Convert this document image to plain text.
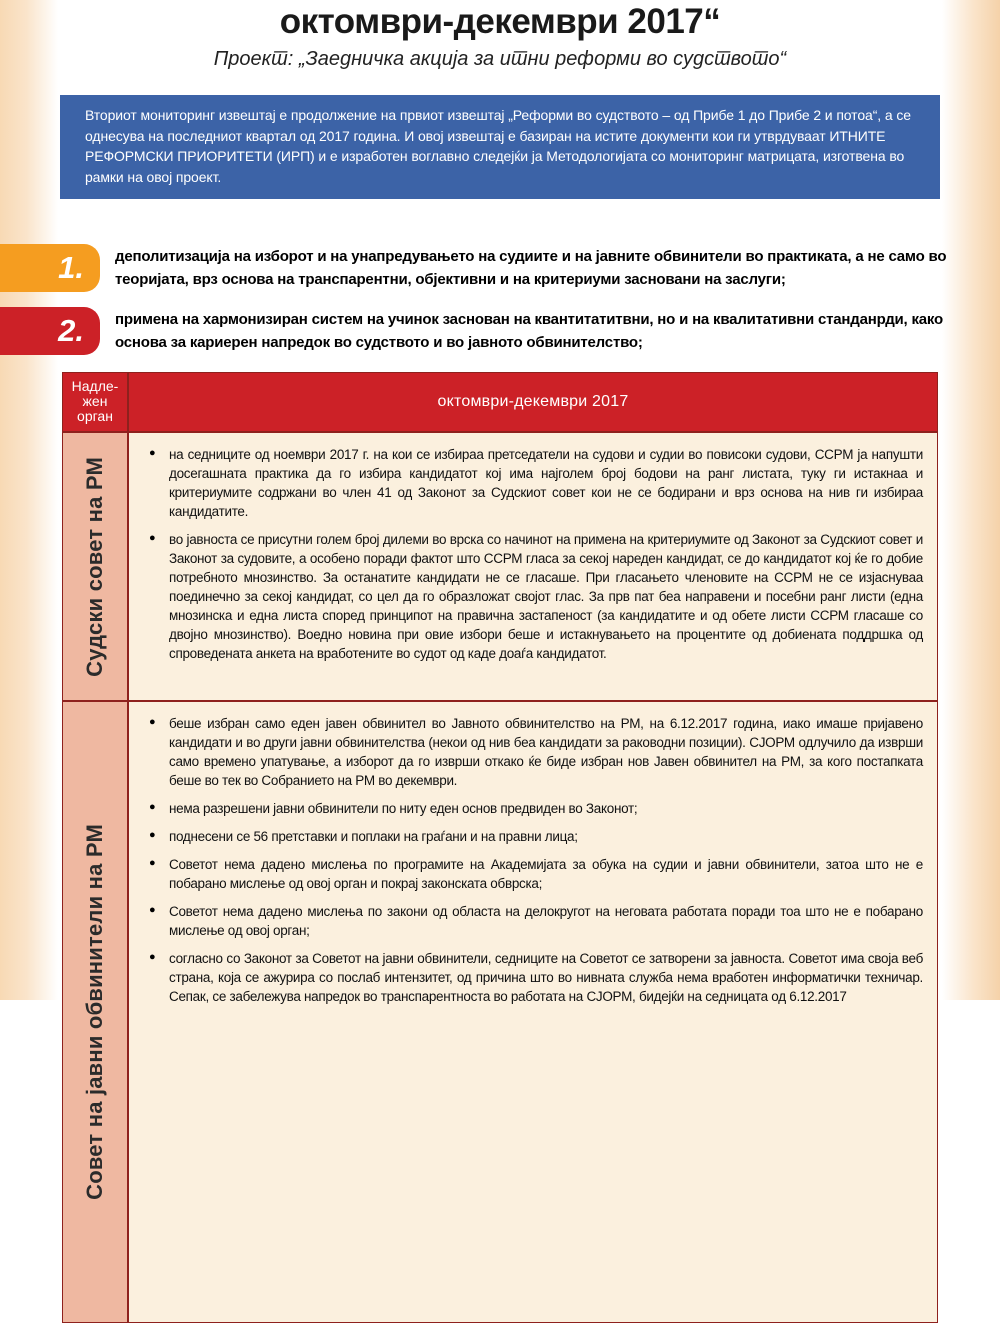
октомври-декември 2017“
Проект: „Заедничка акција за итни реформи во судството“
Вториот мониторинг извештај е продолжение на првиот извештај „Реформи во судството – од Прибе 1 до Прибе 2 и потоа“, а се однесува на последниот квартал од 2017 година. И овој извештај е базиран на истите документи кои ги утврдуваат ИТНИТЕ РЕФОРМСКИ ПРИОРИТЕТИ (ИРП) и е изработен воглавно следејќи ја Методологијата со мониторинг матрицата, изготвена во рамки на овој проект.
1.	деполитизација на изборот и на унапредувањето на судиите и на јавните обвинители во практиката, а не само во теоријата, врз основа на транспарентни, објективни и на критериуми засновани на заслуги;
2.	примена на хармонизиран систем на учинок заснован на квантитатитвни, но и на квалитативни станданрди, како основа за кариерен напредок во судството и во јавното обвинителство;
Надле-жен орган
октомври-декември 2017
Судски совет на РМ
● на седниците од ноември 2017 г. на кои се избираа претседатели на судови и судии во повисоки судови, ССРМ ја напушти досегашната практика да го избира кандидатот кој има најголем број бодови на ранг листата, туку ги истакнаа и критериумите содржани во член 41 од Законот за Судскиот совет кои не се бодирани и врз основа на нив ги избираа кандидатите.
● во јавноста се присутни голем број дилеми во врска со начинот на примена на критериумите од Законот за Судскиот совет и Законот за судовите, а особено поради фактот што ССРМ гласа за секој нареден кандидат, се до кандидатот кој ќе го добие потребното мнозинство. За останатите кандидати не се гласаше. При гласањето членовите на ССРМ не се изјаснуваа поединечно за секој кандидат, со цел да го образложат својот глас. За прв пат беа направени и посебни ранг листи (една мнозинска и една листа според принципот на правична застапеност (за кандидатите и од обете листи ССРМ гласаше со двојно мнозинство). Воедно новина при овие избори беше и истакнувањето на процентите од добиената поддршка од спроведената анкета на вработените во судот од каде доаѓа кандидатот.
Совет на јавни обвинители на РМ
● беше избран само еден јавен обвинител во Јавното обвинителство на РМ, на 6.12.2017 година, иако имаше пријавено кандидати и во други јавни обвинителства (некои од нив беа кандидати за раководни позиции). СЈОРМ одлучило да изврши само времено упатување, а изборот да го изврши откако ќе биде избран нов Јавен обвинител на РМ, за кого постапката беше во тек во Собранието на РМ во декември.
● нема разрешени јавни обвинители по ниту еден основ предвиден во Законот;
● поднесени се 56 претставки и поплаки на граѓани и на правни лица;
● Советот нема дадено мислења по програмите на Академијата за обука на судии и јавни обвинители, затоа што не е побарано мислење од овој орган и покрај законската обврска;
● Советот нема дадено мислења по закони од областа на делокругот на неговата работата поради тоа што не е побарано мислење од овој орган;
● согласно со Законот за Советот на јавни обвинители, седниците на Советот се затворени за јавноста. Советот има своја веб страна, која се ажурира со послаб интензитет, од причина што во нивната служба нема вработен информатички техничар. Сепак, се забележува напредок во транспарентноста во работата на СЈОРМ, бидејќи на седницата од 6.12.2017
